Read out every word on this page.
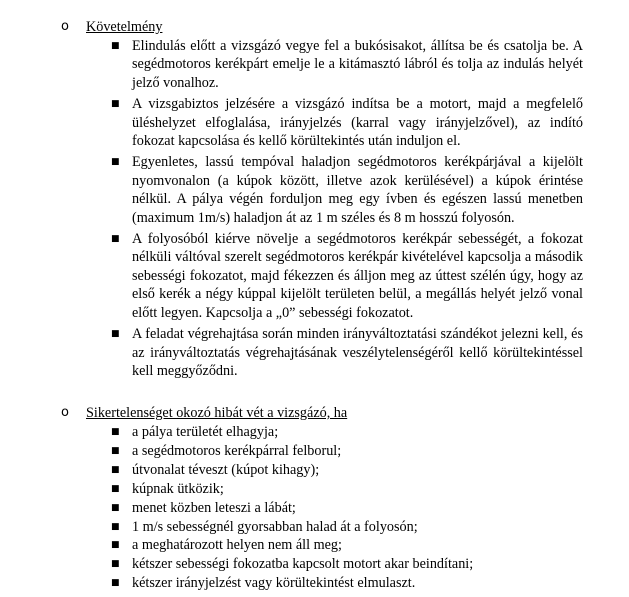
o Követelmény
■ Elindulás előtt a vizsgázó vegye fel a bukósisakot, állítsa be és csatolja be. A segédmotoros kerékpárt emelje le a kitámasztó lábról és tolja az indulás helyét jelző vonalhoz.
■ A vizsgabiztos jelzésére a vizsgázó indítsa be a motort, majd a megfelelő üléshelyzet elfoglalása, irányjelzés (karral vagy irányjelzővel), az indító fokozat kapcsolása és kellő körültekintés után induljon el.
■ Egyenletes, lassú tempóval haladjon segédmotoros kerékpárjával a kijelölt nyomvonalon (a kúpok között, illetve azok kerülésével) a kúpok érintése nélkül. A pálya végén forduljon meg egy ívben és egészen lassú menetben (maximum 1m/s) haladjon át az 1 m széles és 8 m hosszú folyosón.
■ A folyosóból kiérve növelje a segédmotoros kerékpár sebességét, a fokozat nélküli váltóval szerelt segédmotoros kerékpár kivételével kapcsolja a második sebességi fokozatot, majd fékezzen és álljon meg az úttest szélén úgy, hogy az első kerék a négy kúppal kijelölt területen belül, a megállás helyét jelző vonal előtt legyen. Kapcsolja a „0” sebességi fokozatot.
■ A feladat végrehajtása során minden irányváltoztatási szándékot jelezni kell, és az irányváltoztatás végrehajtásának veszélytelenségéről kellő körültekintéssel kell meggyőződni.
o Sikertelenséget okozó hibát vét a vizsgázó, ha
■ a pálya területét elhagyja;
■ a segédmotoros kerékpárral felborul;
■ útvonalat téveszt (kúpot kihagy);
■ kúpnak ütközik;
■ menet közben leteszi a lábát;
■ 1 m/s sebességnél gyorsabban halad át a folyosón;
■ a meghatározott helyen nem áll meg;
■ kétszer sebességi fokozatba kapcsolt motort akar beindítani;
■ kétszer irányjelzést vagy körültekintést elmulaszt.
